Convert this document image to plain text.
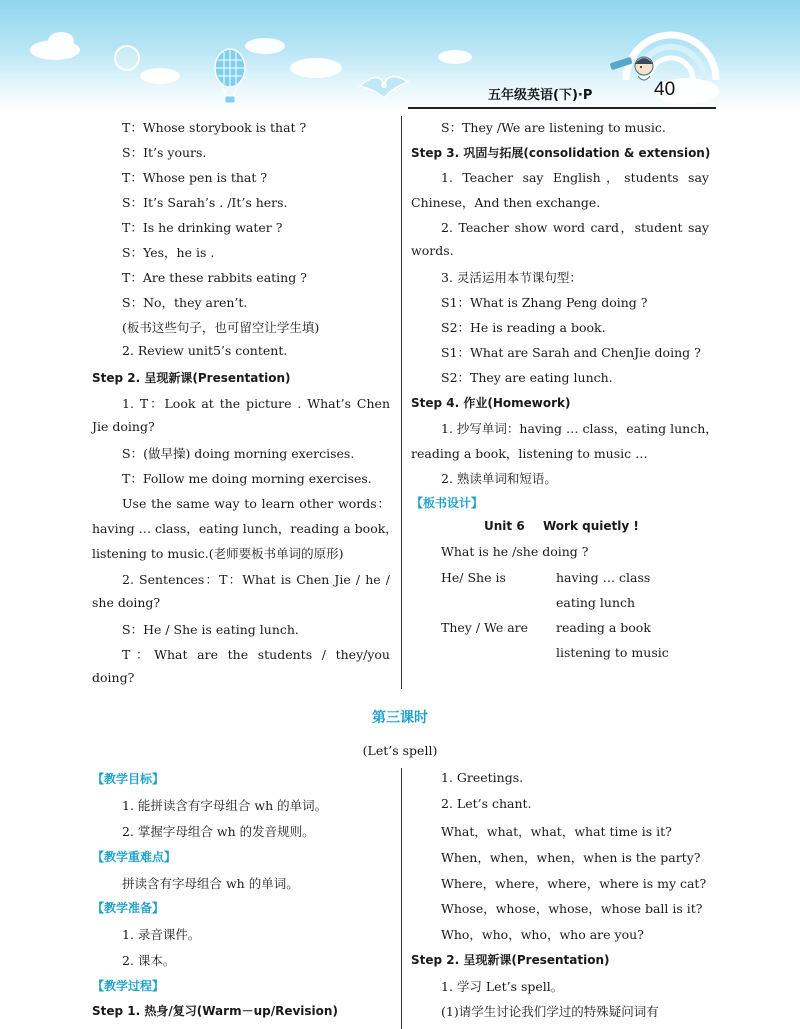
五年级英语(下)·P	40
T：Whose storybook is that ?
S：It’s yours.
T：Whose pen is that ?
S：It’s Sarah’s . /It’s hers.
T：Is he drinking water ?
S：Yes，he is .
T：Are these rabbits eating ?
S：No，they aren’t.
(板书这些句子，也可留空让学生填)
2. Review unit5’s content.
Step 2. 呈现新课(Presentation)
1. T：Look at the picture . What’s Chen
Jie doing?
S：(做早操) doing morning exercises.
T：Follow me doing morning exercises.
Use the same way to learn other words：
having … class，eating lunch，reading a book，
listening to music.(老师要板书单词的原形)
2. Sentences：T：What is Chen Jie / he /
she doing?
S：He / She is eating lunch.
T：What are the students / they/you
doing?
S：They /We are listening to music.
Step 3. 巩固与拓展(consolidation & extension)
1. Teacher say English，students say
Chinese，And then exchange.
2. Teacher show word card，student say
words.
3. 灵活运用本节课句型：
S1：What is Zhang Peng doing ?
S2：He is reading a book.
S1：What are Sarah and ChenJie doing ?
S2：They are eating lunch.
Step 4. 作业(Homework)
1. 抄写单词：having … class，eating lunch，
reading a book，listening to music …
2. 熟读单词和短语。
【板书设计】
Unit 6 Work quietly !
What is he /she doing ?
He/ She is	having … class
eating lunch
They / We are reading a book
listening to music
第三课时
(Let’s spell)
【教学目标】
1. 能拼读含有字母组合 wh 的单词。
2. 掌握字母组合 wh 的发音规则。
【教学重难点】
拼读含有字母组合 wh 的单词。
【教学准备】
1. 录音课件。
2. 课本。
【教学过程】
Step 1. 热身/复习(Warm－up/Revision)
1. Greetings.
2. Let’s chant.
What，what，what，what time is it?
When，when，when，when is the party?
Where，where，where，where is my cat?
Whose，whose，whose，whose ball is it?
Who，who，who，who are you?
Step 2. 呈现新课(Presentation)
1. 学习 Let’s spell。
(1)请学生讨论我们学过的特殊疑问词有
